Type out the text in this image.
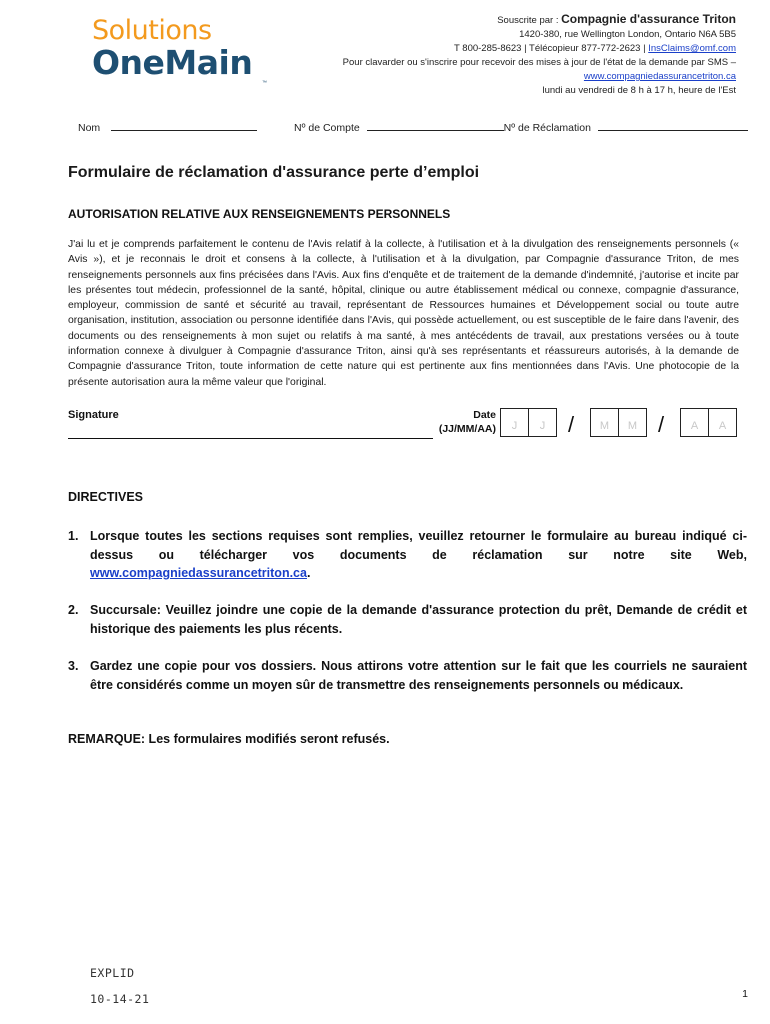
Solutions
OneMain
™
Souscrite par : Compagnie d'assurance Triton
1420-380, rue Wellington London, Ontario N6A 5B5
T 800-285-8623 | Télécopieur 877-772-2623 | InsClaims@omf.com
Pour clavarder ou s'inscrire pour recevoir des mises à jour de l'état de la demande par SMS –
www.compagniedassurancetriton.ca
lundi au vendredi de 8 h à 17 h, heure de l'Est
Nom	Nº de Compte	Nº de Réclamation
Formulaire de réclamation d'assurance perte d’emploi
AUTORISATION RELATIVE AUX RENSEIGNEMENTS PERSONNELS
J'ai lu et je comprends parfaitement le contenu de l'Avis relatif à la collecte, à l'utilisation et à la divulgation des renseignements personnels (« Avis »), et je reconnais le droit et consens à la collecte, à l'utilisation et à la divulgation, par Compagnie d'assurance Triton, de mes renseignements personnels aux fins précisées dans l'Avis. Aux fins d'enquête et de traitement de la demande d'indemnité, j'autorise et incite par les présentes tout médecin, professionnel de la santé, hôpital, clinique ou autre établissement médical ou connexe, compagnie d'assurance, employeur, commission de santé et sécurité au travail, représentant de Ressources humaines et Développement social ou toute autre organisation, institution, association ou personne identifiée dans l'Avis, qui possède actuellement, ou est susceptible de le faire dans l'avenir, des documents ou des renseignements à mon sujet ou relatifs à ma santé, à mes antécédents de travail, aux prestations versées ou à toute information connexe à divulguer à Compagnie d'assurance Triton, ainsi qu'à ses représentants et réassureurs autorisés, à la demande de Compagnie d'assurance Triton, toute information de cette nature qui est pertinente aux fins mentionnées dans l'Avis. Une photocopie de la présente autorisation aura la même valeur que l'original.
Signature	Date
(JJ/MM/AA)	J	J	/	M	M /	A	A
DIRECTIVES
1. Lorsque toutes les sections requises sont remplies, veuillez retourner le formulaire au bureau indiqué ci-dessus ou télécharger vos documents de réclamation sur notre site Web, www.compagniedassurancetriton.ca.
2. Succursale: Veuillez joindre une copie de la demande d'assurance protection du prêt, Demande de crédit et historique des paiements les plus récents.
3. Gardez une copie pour vos dossiers. Nous attirons votre attention sur le fait que les courriels ne sauraient être considérés comme un moyen sûr de transmettre des renseignements personnels ou médicaux.
REMARQUE: Les formulaires modifiés seront refusés.
EXPLID
10-14-21	1
